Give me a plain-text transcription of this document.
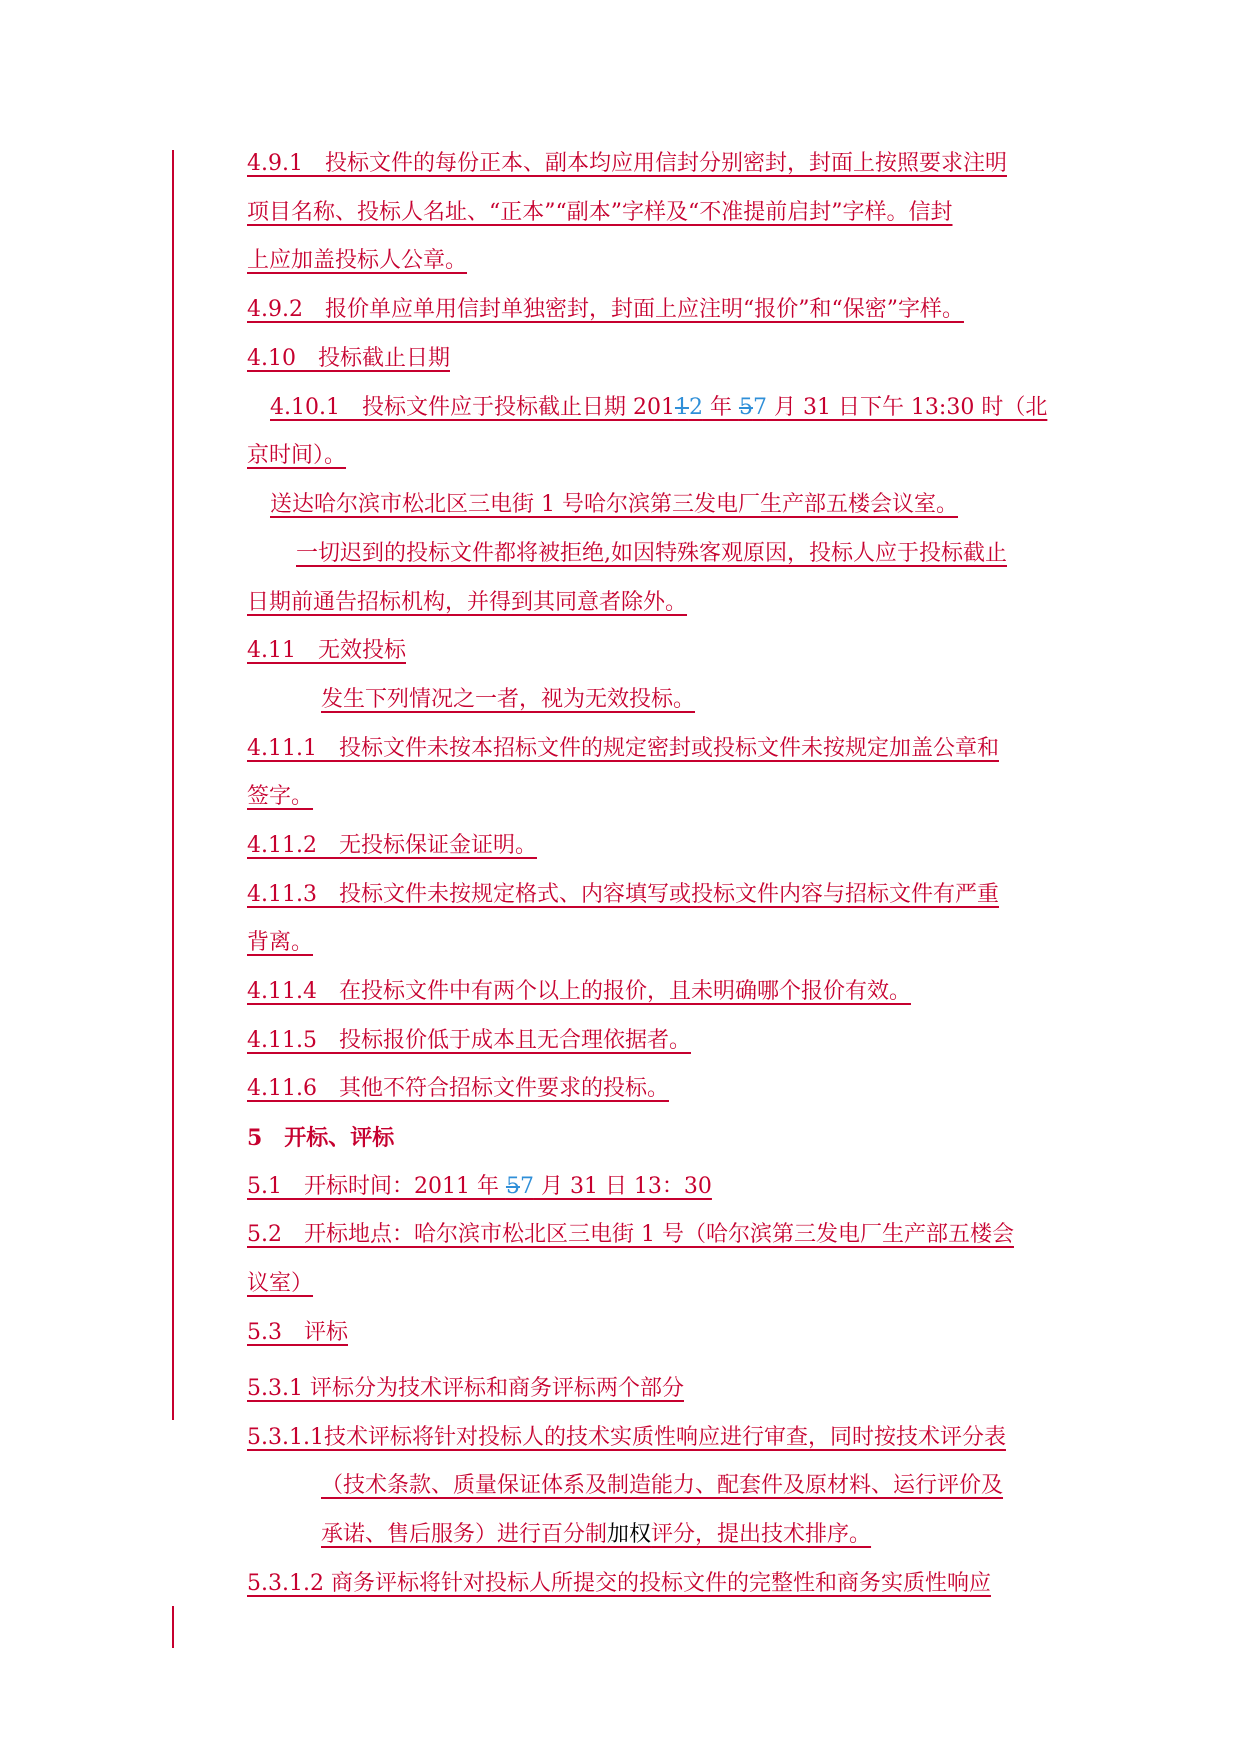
4.9.1　投标文件的每份正本、副本均应用信封分别密封，封面上按照要求注明
项目名称、投标人名址、“正本”“副本”字样及“不准提前启封”字样。信封
上应加盖投标人公章。
4.9.2　报价单应单用信封单独密封，封面上应注明“报价”和“保密”字样。
4.10　投标截止日期
4.10.1　投标文件应于投标截止日期 20112 年 57 月 31 日下午 13:30 时（北
京时间）。
送达哈尔滨市松北区三电街 1 号哈尔滨第三发电厂生产部五楼会议室。
一切迟到的投标文件都将被拒绝,如因特殊客观原因，投标人应于投标截止
日期前通告招标机构，并得到其同意者除外。
4.11　无效投标
发生下列情况之一者，视为无效投标。
4.11.1　投标文件未按本招标文件的规定密封或投标文件未按规定加盖公章和
签字。
4.11.2　无投标保证金证明。
4.11.3　投标文件未按规定格式、内容填写或投标文件内容与招标文件有严重
背离。
4.11.4　在投标文件中有两个以上的报价，且未明确哪个报价有效。
4.11.5　投标报价低于成本且无合理依据者。
4.11.6　其他不符合招标文件要求的投标。
5　开标、评标
5.1　开标时间：2011 年 57 月 31 日 13：30
5.2　开标地点：哈尔滨市松北区三电街 1 号（哈尔滨第三发电厂生产部五楼会
议室）
5.3　评标
5.3.1 评标分为技术评标和商务评标两个部分
5.3.1.1技术评标将针对投标人的技术实质性响应进行审查，同时按技术评分表
（技术条款、质量保证体系及制造能力、配套件及原材料、运行评价及
承诺、售后服务）进行百分制加权评分，提出技术排序。
5.3.1.2 商务评标将针对投标人所提交的投标文件的完整性和商务实质性响应
